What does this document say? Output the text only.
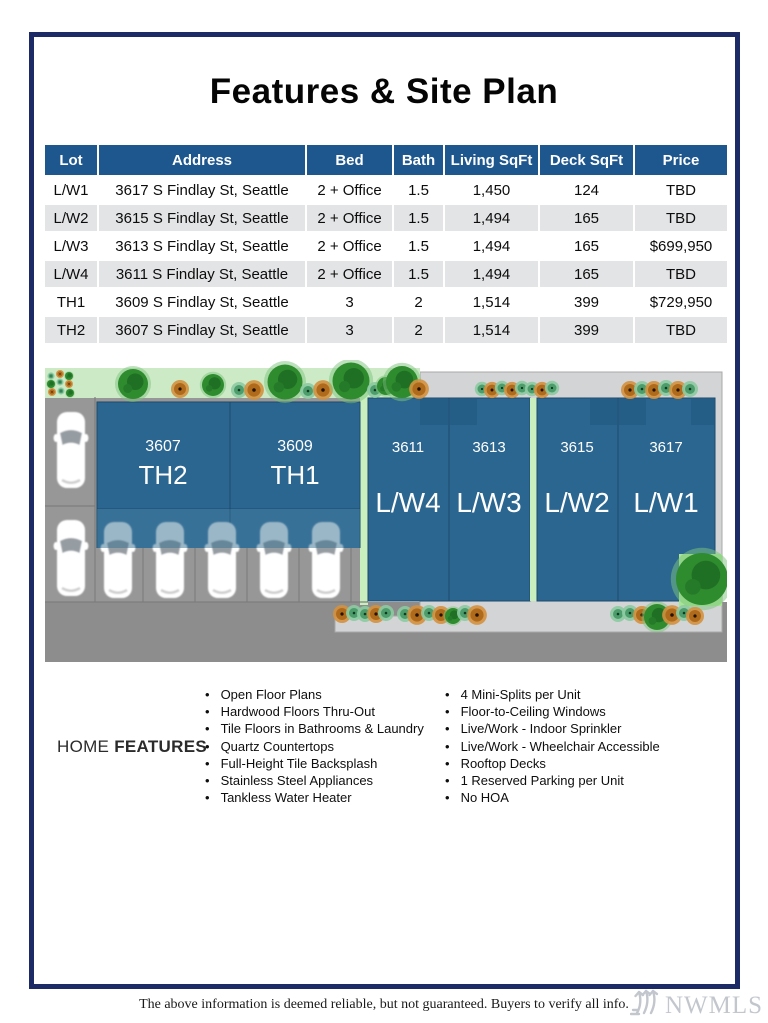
Features & Site Plan
Lot	Address	Bed	Bath	Living SqFt	Deck SqFt	Price
L/W1	3617 S Findlay St, Seattle	2 + Office	1.5	1,450	124	TBD
L/W2	3615 S Findlay St, Seattle	2 + Office	1.5	1,494	165	TBD
L/W3	3613 S Findlay St, Seattle	2 + Office	1.5	1,494	165	$699,950
L/W4	3611 S Findlay St, Seattle	2 + Office	1.5	1,494	165	TBD
TH1	3609 S Findlay St, Seattle	3	2	1,514	399	$729,950
TH2	3607 S Findlay St, Seattle	3	2	1,514	399	TBD
3607
TH2
3609
TH1
3611
L/W4
3613
L/W3
3615
L/W2
3617
L/W1
HOME FEATURES
• Open Floor Plans
• Hardwood Floors Thru-Out
• Tile Floors in Bathrooms & Laundry
• Quartz Countertops
• Full-Height Tile Backsplash
• Stainless Steel Appliances
• Tankless Water Heater
• 4 Mini-Splits per Unit
• Floor-to-Ceiling Windows
• Live/Work - Indoor Sprinkler
• Live/Work - Wheelchair Accessible
• Rooftop Decks
• 1 Reserved Parking per Unit
• No HOA
The above information is deemed reliable, but not guaranteed. Buyers to verify all info.	NWMLS
